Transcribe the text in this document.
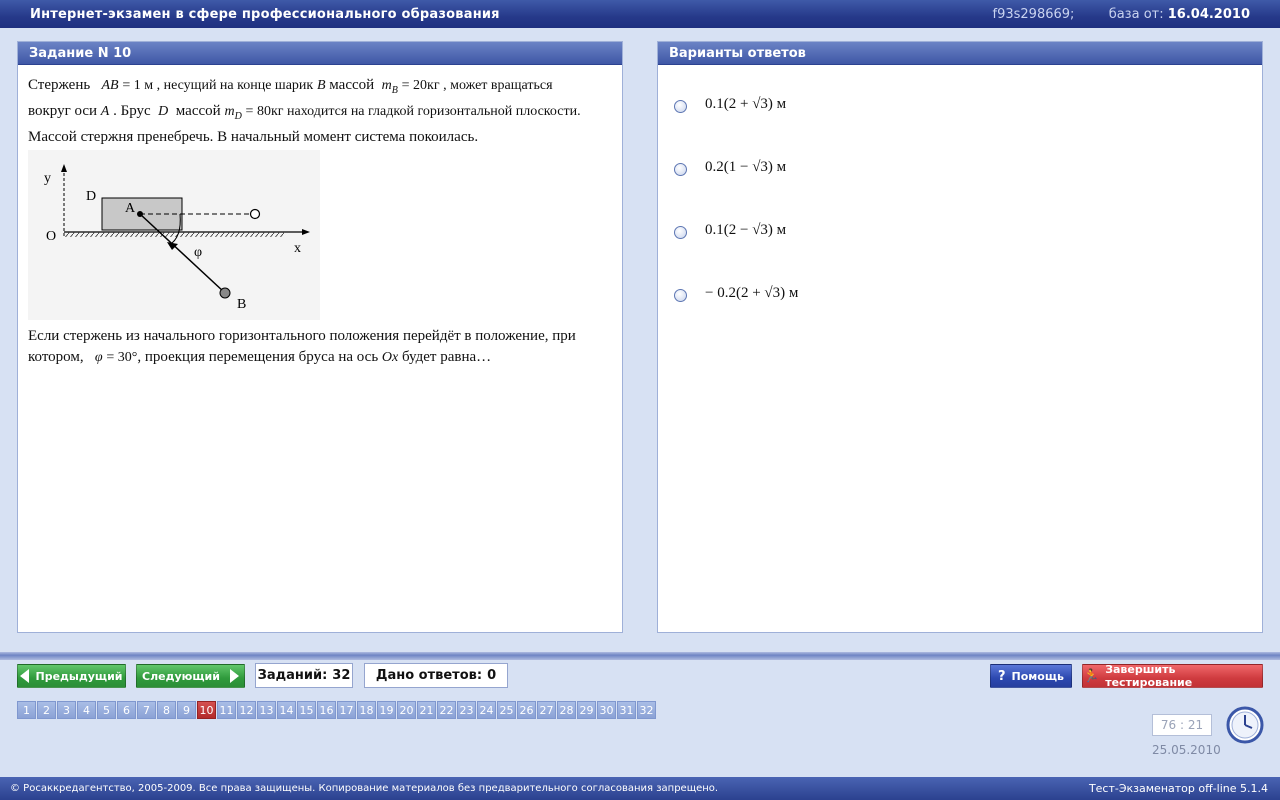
Интернет-экзамен в сфере профессионального образования	f93s298669;	база от: 16.04.2010
Задание N 10
Стержень AB = 1 м , несущий на конце шарик B массой $m_B = 20кг$ , может вращаться
вокруг оси A . Брус D массой $m_D = 80кг$ находится на гладкой горизонтальной плоскости.
Массой стержня пренебречь. В начальный момент система покоилась.
y
D
A
O
x
φ
B
Если стержень из начального горизонтального положения перейдёт в положение, при
котором, φ = 30°, проекция перемещения бруса на ось Ox будет равна…
Варианты ответов
0.1(2 + √3) м
0.2(1 − √3) м
0.1(2 − √3) м
− 0.2(2 + √3) м
Предыдущий Следующий	Заданий: 32 Дано ответов: 0	? Помощь 🏃 Завершить тестирование
1	2	3	4	5	6	7	8	9 10 11 12 13 14 15 16 17 18 19 20 21 22 23 24 25 26 27 28 29 30 31 32
76 : 21
25.05.2010
© Росаккредагентство, 2005-2009. Все права защищены. Копирование материалов без предварительного согласования запрещено.	Тест-Экзаменатор off-line 5.1.4
